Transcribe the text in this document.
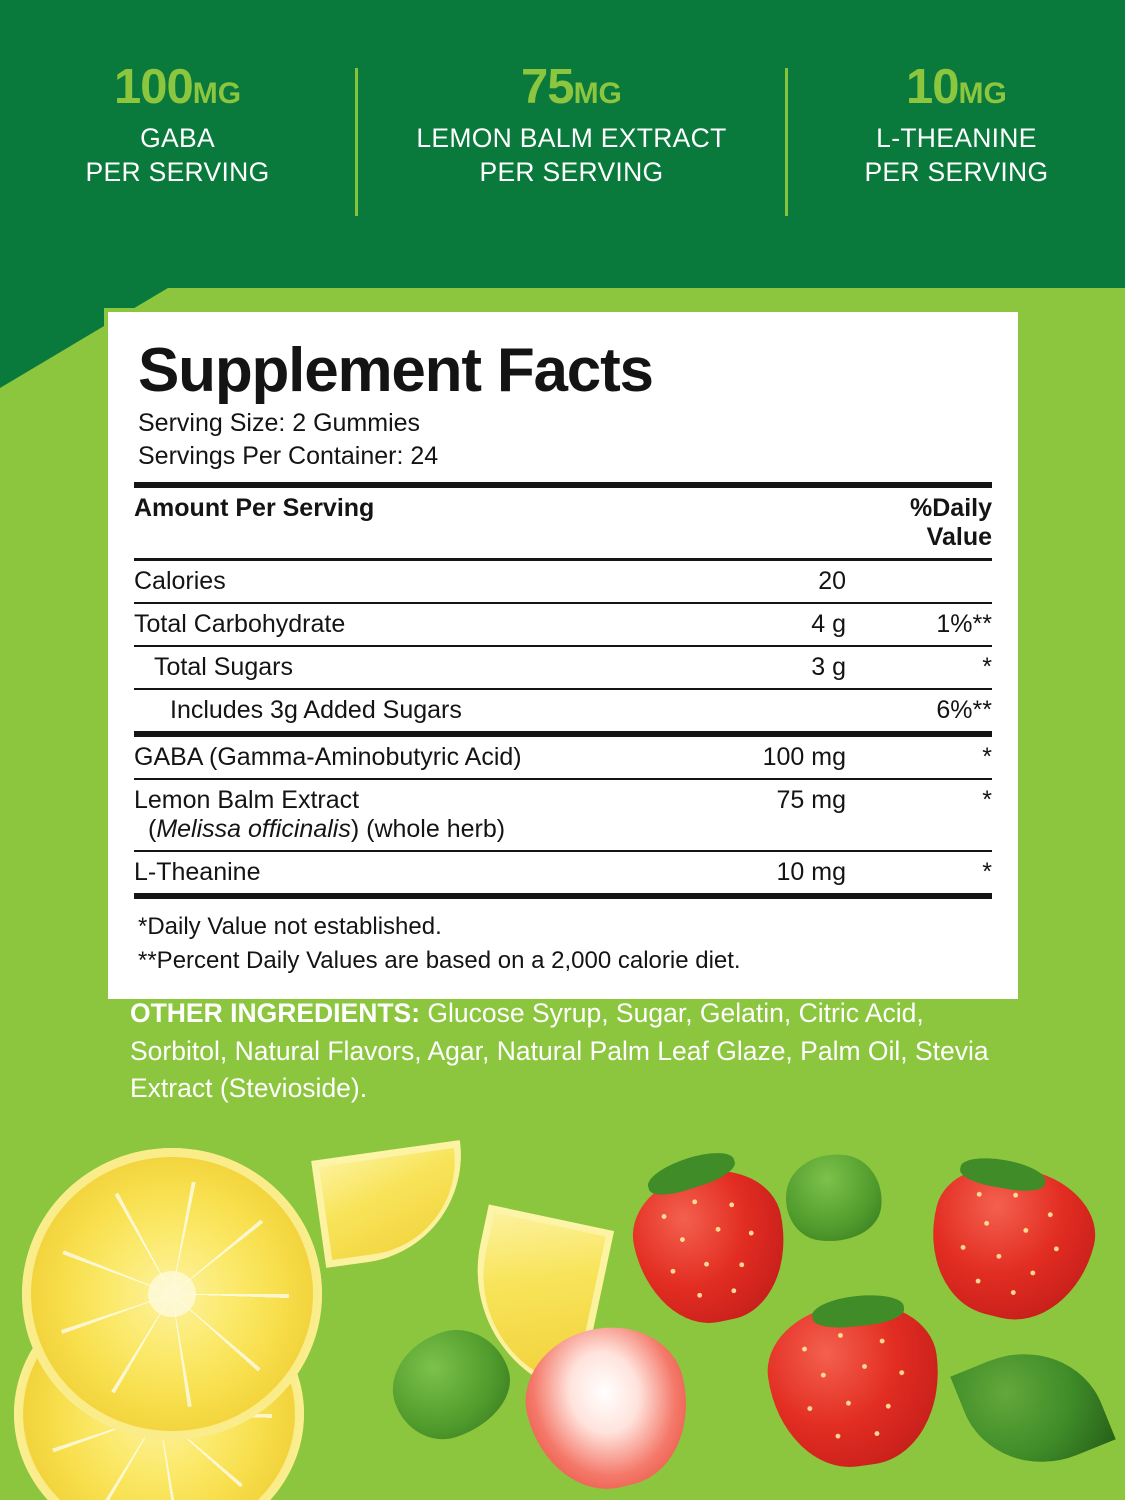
100MG
GABA
PER SERVING
75MG
LEMON BALM EXTRACT
PER SERVING
10MG
L-THEANINE
PER SERVING
Supplement Facts
Serving Size: 2 Gummies
Servings Per Container: 24
Amount Per Serving		%Daily Value
Calories	20	
Total Carbohydrate	4 g	1%**
Total Sugars	3 g	*
Includes 3g Added Sugars		6%**
GABA (Gamma-Aminobutyric Acid)	100 mg	*
Lemon Balm Extract
(Melissa officinalis) (whole herb)	75 mg	*
L-Theanine	10 mg	*

*Daily Value not established.
**Percent Daily Values are based on a 2,000 calorie diet.
OTHER INGREDIENTS: Glucose Syrup, Sugar, Gelatin, Citric Acid, Sorbitol, Natural Flavors, Agar, Natural Palm Leaf Glaze, Palm Oil, Stevia Extract (Stevioside).
